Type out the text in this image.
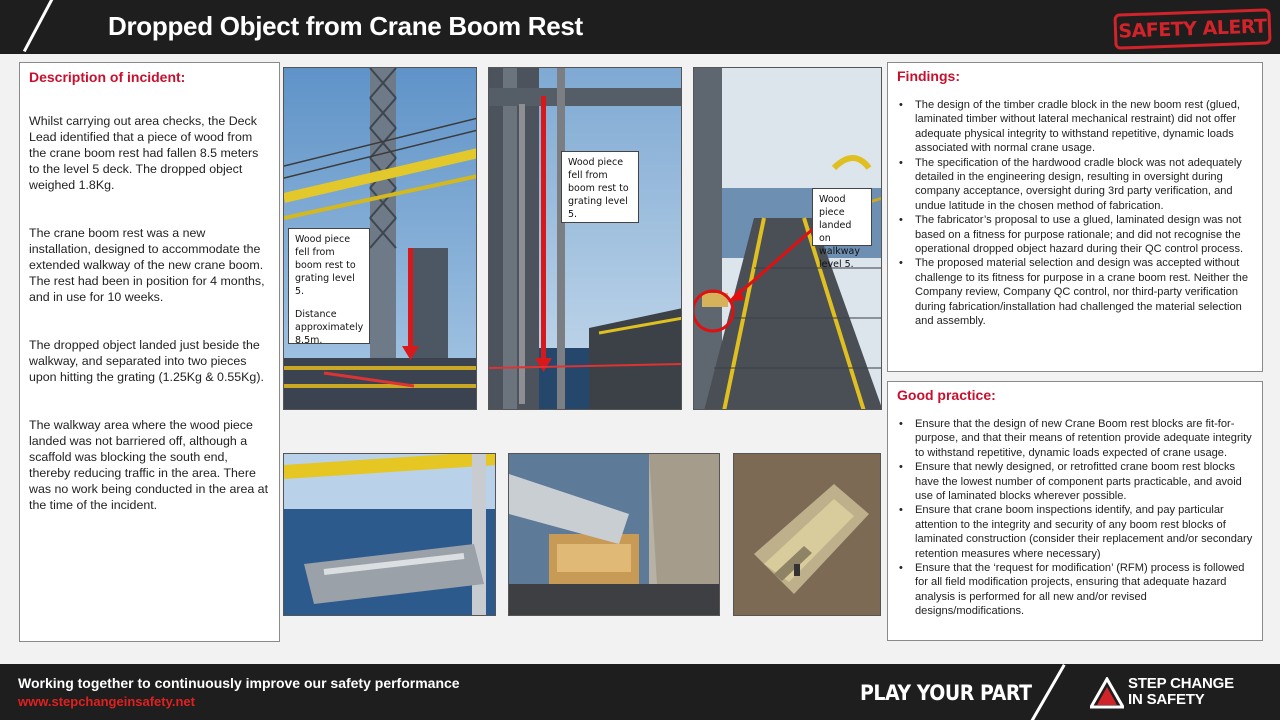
Dropped Object from Crane Boom Rest	SAFETY ALERT
Description of incident:

Whilst carrying out area checks, the Deck Lead identified that a piece of wood from the crane boom rest had fallen 8.5 meters to the level 5 deck. The dropped object weighed 1.8Kg.

The crane boom rest was a new installation, designed to accommodate the extended walkway of the new crane boom. The rest had been in position for 4 months, and in use for 10 weeks.

The dropped object landed just beside the walkway, and separated into two pieces upon hitting the grating (1.25Kg & 0.55Kg).

The walkway area where the wood piece landed was not barriered off, although a scaffold was blocking the south end, thereby reducing traffic in the area. There was no work being conducted in the area at the time of the incident.

Wood piece fell from boom rest to grating level 5.
Distance approximately 8.5m.
Wood piece fell from boom rest to grating level 5.
Wood piece landed on walkway level 5.
Findings:
• The design of the timber cradle block in the new boom rest (glued, laminated timber without lateral mechanical restraint) did not offer adequate physical integrity to withstand repetitive, dynamic loads associated with normal crane usage.
• The specification of the hardwood cradle block was not adequately detailed in the engineering design, resulting in oversight during company acceptance, oversight during 3rd party verification, and undue latitude in the chosen method of fabrication.
• The fabricator’s proposal to use a glued, laminated design was not based on a fitness for purpose rationale; and did not recognise the operational dropped object hazard during their QC control process.
• The proposed material selection and design was accepted without challenge to its fitness for purpose in a crane boom rest. Neither the Company review, Company QC control, nor third-party verification during fabrication/installation had challenged the material selection and assembly.
Good practice:
• Ensure that the design of new Crane Boom rest blocks are fit-for-purpose, and that their means of retention provide adequate integrity to withstand repetitive, dynamic loads expected of crane usage.
• Ensure that newly designed, or retrofitted crane boom rest blocks have the lowest number of component parts practicable, and avoid use of laminated blocks wherever possible.
• Ensure that crane boom inspections identify, and pay particular attention to the integrity and security of any boom rest blocks of laminated construction (consider their replacement and/or secondary retention measures where necessary)
• Ensure that the ‘request for modification’ (RFM) process is followed for all field modification projects, ensuring that adequate hazard analysis is performed for all new and/or revised designs/modifications.
Working together to continuously improve our safety performance
www.stepchangeinsafety.net	PLAY YOUR PART	STEP CHANGE
IN SAFETY
